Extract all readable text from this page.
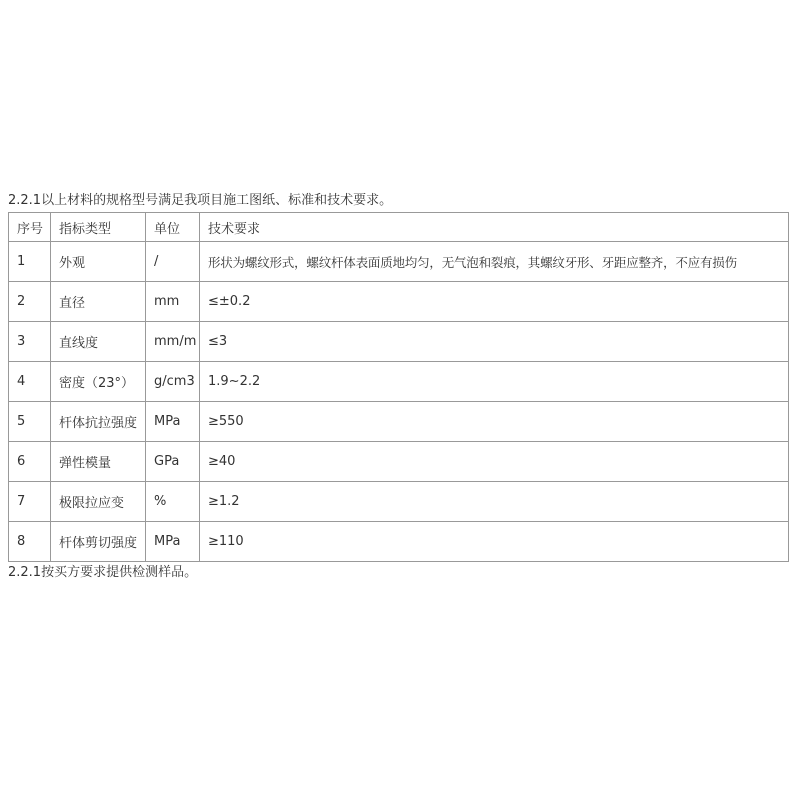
2.2.1以上材料的规格型号满足我项目施工图纸、标准和技术要求。
序号	指标类型	单位	技术要求
1	外观	/	形状为螺纹形式，螺纹杆体表面质地均匀，无气泡和裂痕，其螺纹牙形、牙距应整齐，不应有损伤
2	直径	mm	≤±0.2
3	直线度	mm/m	≤3
4	密度（23°）	g/cm3	1.9~2.2
5	杆体抗拉强度	MPa	≥550
6	弹性模量	GPa	≥40
7	极限拉应变	%	≥1.2
8	杆体剪切强度	MPa	≥110
2.2.1按买方要求提供检测样品。
